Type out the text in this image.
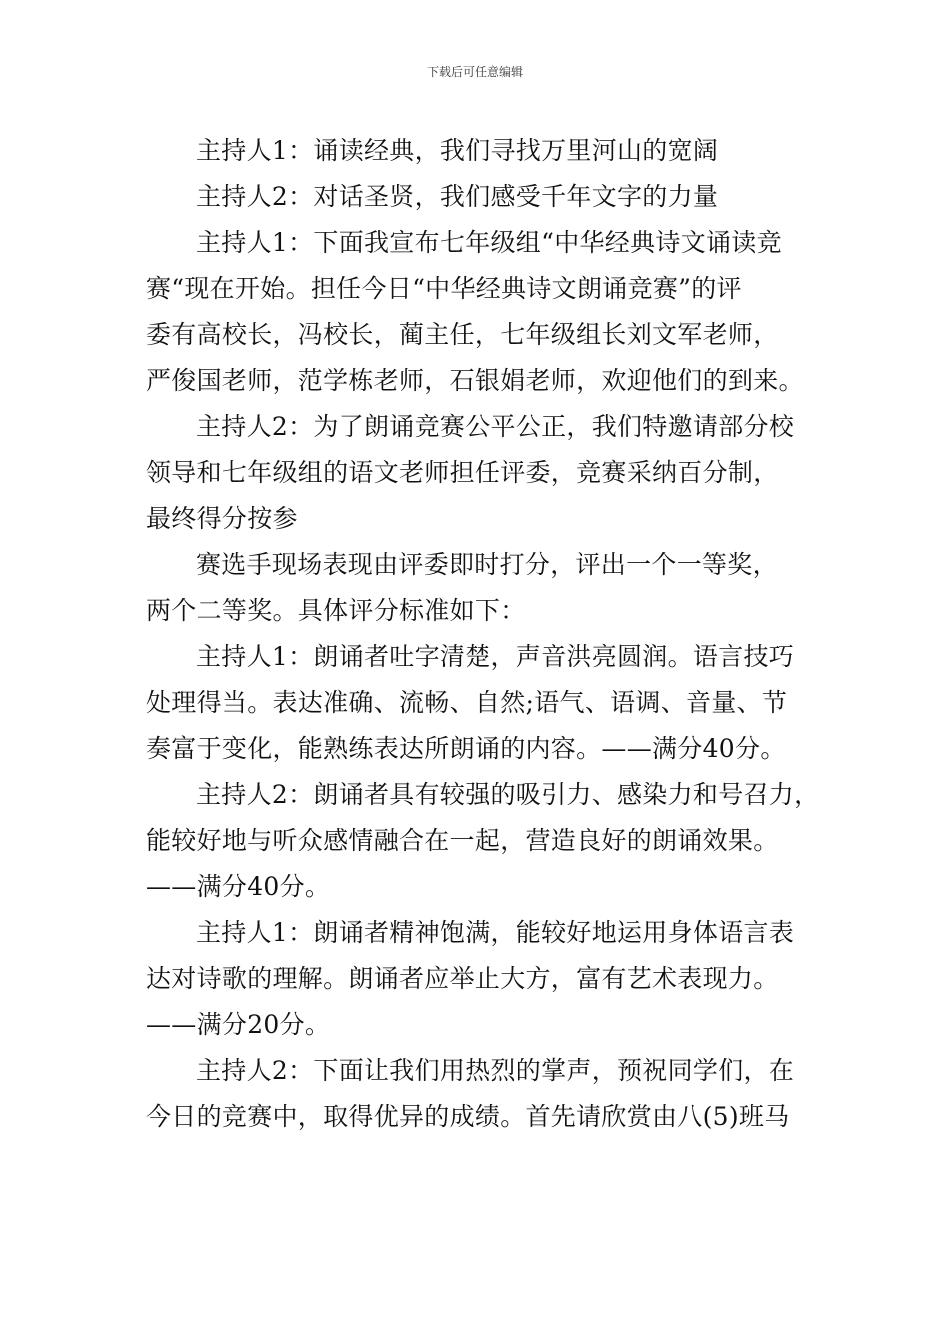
下载后可任意编辑

主持人1：诵读经典，我们寻找万里河山的宽阔

主持人2：对话圣贤，我们感受千年文字的力量

主持人1：下面我宣布七年级组“中华经典诗文诵读竞
赛“现在开始。担任今日“中华经典诗文朗诵竞赛”的评
委有高校长，冯校长，蔺主任，七年级组长刘文军老师，
严俊国老师，范学栋老师，石银娟老师，欢迎他们的到来。

主持人2：为了朗诵竞赛公平公正，我们特邀请部分校
领导和七年级组的语文老师担任评委，竞赛采纳百分制，
最终得分按参

赛选手现场表现由评委即时打分，评出一个一等奖，
两个二等奖。具体评分标准如下：

主持人1：朗诵者吐字清楚，声音洪亮圆润。语言技巧
处理得当。表达准确、流畅、自然;语气、语调、音量、节
奏富于变化，能熟练表达所朗诵的内容。——满分40分。

主持人2：朗诵者具有较强的吸引力、感染力和号召力，
能较好地与听众感情融合在一起，营造良好的朗诵效果。
——满分40分。

主持人1：朗诵者精神饱满，能较好地运用身体语言表
达对诗歌的理解。朗诵者应举止大方，富有艺术表现力。
——满分20分。

主持人2：下面让我们用热烈的掌声，预祝同学们，在
今日的竞赛中，取得优异的成绩。首先请欣赏由八(5)班马
